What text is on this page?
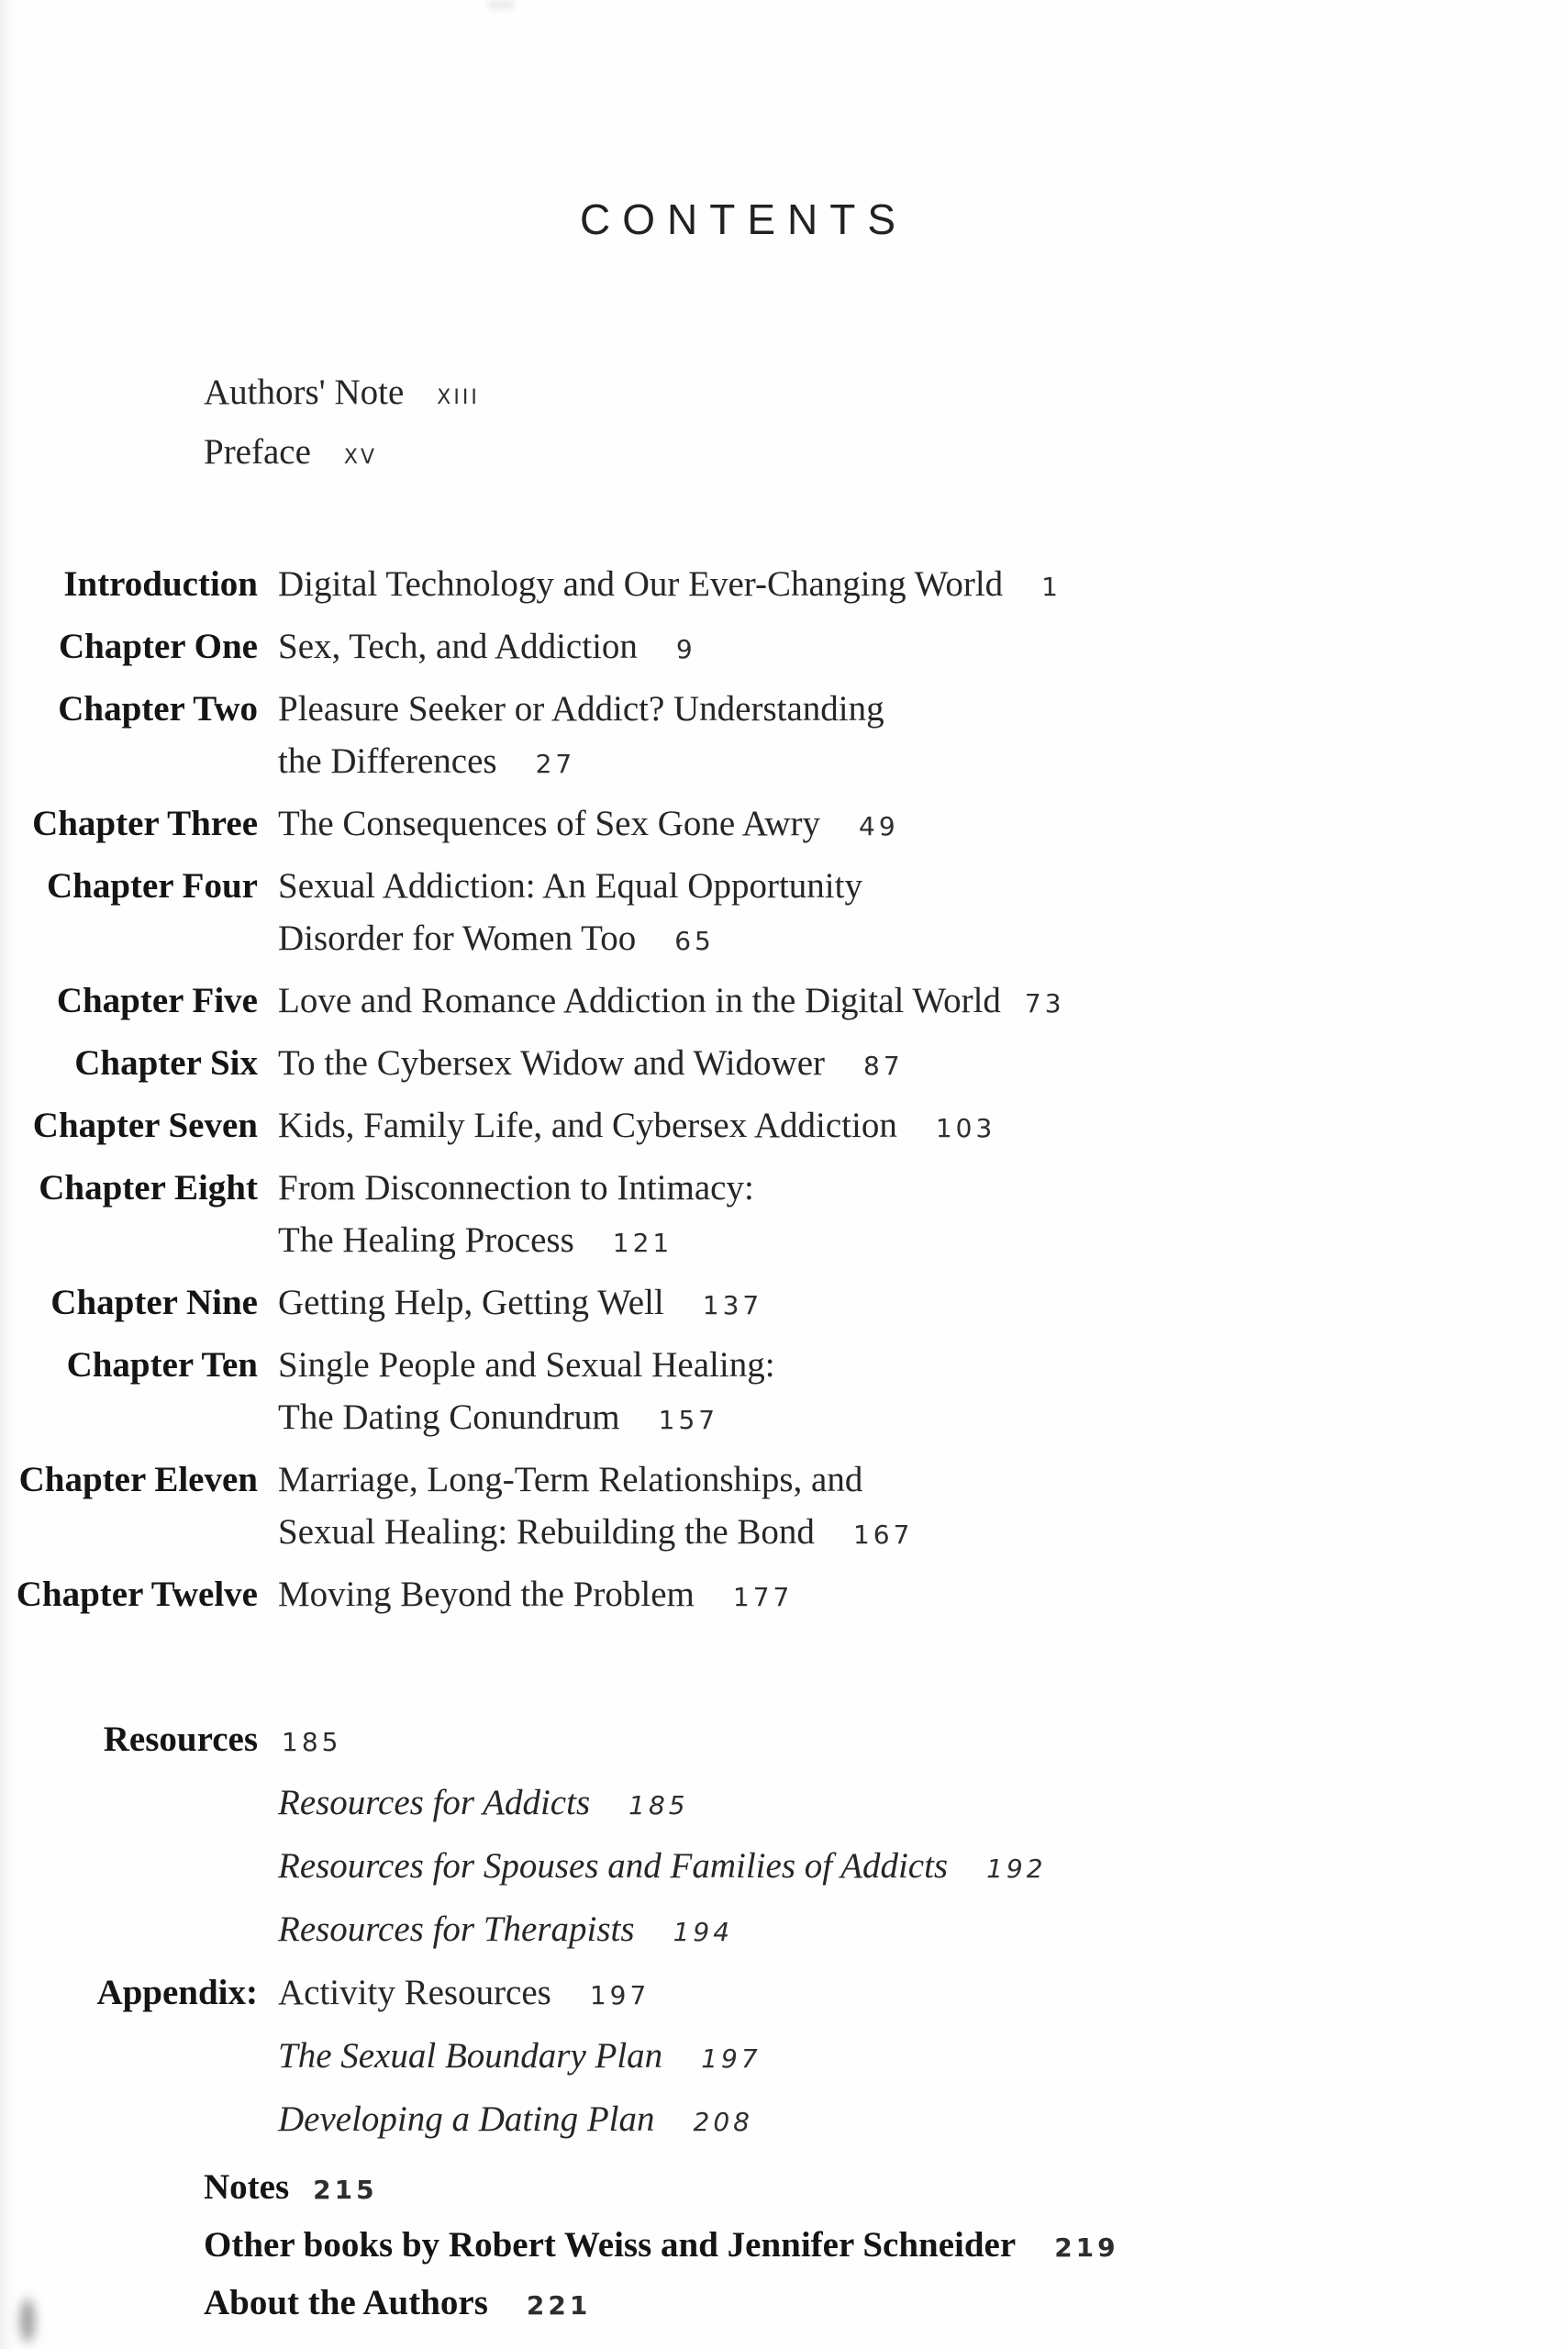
CONTENTS
Authors' Note xiii
Preface xv
Introduction Digital Technology and Our Ever-Changing World 1
Chapter One Sex, Tech, and Addiction 9
Chapter Two Pleasure Seeker or Addict? Understanding
the Differences 27
Chapter Three The Consequences of Sex Gone Awry 49
Chapter Four Sexual Addiction: An Equal Opportunity
Disorder for Women Too 65
Chapter Five Love and Romance Addiction in the Digital World 73
Chapter Six To the Cybersex Widow and Widower 87
Chapter Seven Kids, Family Life, and Cybersex Addiction 103
Chapter Eight From Disconnection to Intimacy:
The Healing Process 121
Chapter Nine Getting Help, Getting Well 137
Chapter Ten Single People and Sexual Healing:
The Dating Conundrum 157
Chapter Eleven Marriage, Long-Term Relationships, and
Sexual Healing: Rebuilding the Bond 167
Chapter Twelve Moving Beyond the Problem 177
Resources 185
Resources for Addicts 185
Resources for Spouses and Families of Addicts 192
Resources for Therapists 194
Appendix: Activity Resources 197
The Sexual Boundary Plan 197
Developing a Dating Plan 208
Notes 215
Other books by Robert Weiss and Jennifer Schneider 219
About the Authors 221
